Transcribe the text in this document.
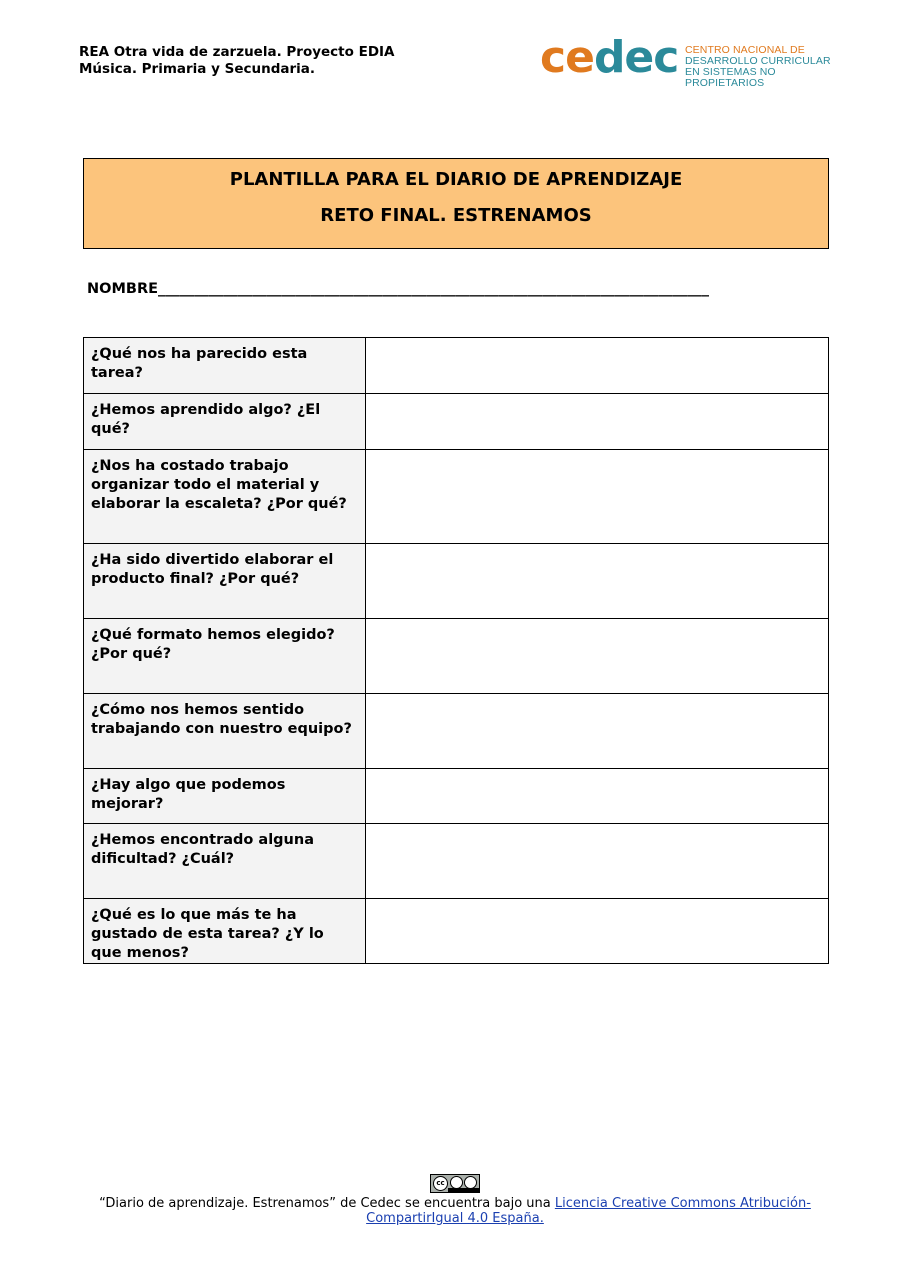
REA Otra vida de zarzuela. Proyecto EDIA
Música. Primaria y Secundaria.	cedec CENTRO NACIONAL DE
DESARROLLO CURRICULAR
EN SISTEMAS NO PROPIETARIOS
PLANTILLA PARA EL DIARIO DE APRENDIZAJE
RETO FINAL. ESTRENAMOS
NOMBRE____________________________________________________________________________
¿Qué nos ha parecido esta tarea?	
¿Hemos aprendido algo? ¿El qué?	
¿Nos ha costado trabajo organizar todo el material y elaborar la escaleta? ¿Por qué?	
¿Ha sido divertido elaborar el producto final? ¿Por qué?	
¿Qué formato hemos elegido? ¿Por qué?	
¿Cómo nos hemos sentido trabajando con nuestro equipo?	
¿Hay algo que podemos mejorar?	
¿Hemos encontrado alguna dificultad? ¿Cuál?	
¿Qué es lo que más te ha gustado de esta tarea? ¿Y lo que menos?	
cc
“Diario de aprendizaje. Estrenamos” de Cedec se encuentra bajo una Licencia Creative Commons Atribución-
CompartirIgual 4.0 España.
